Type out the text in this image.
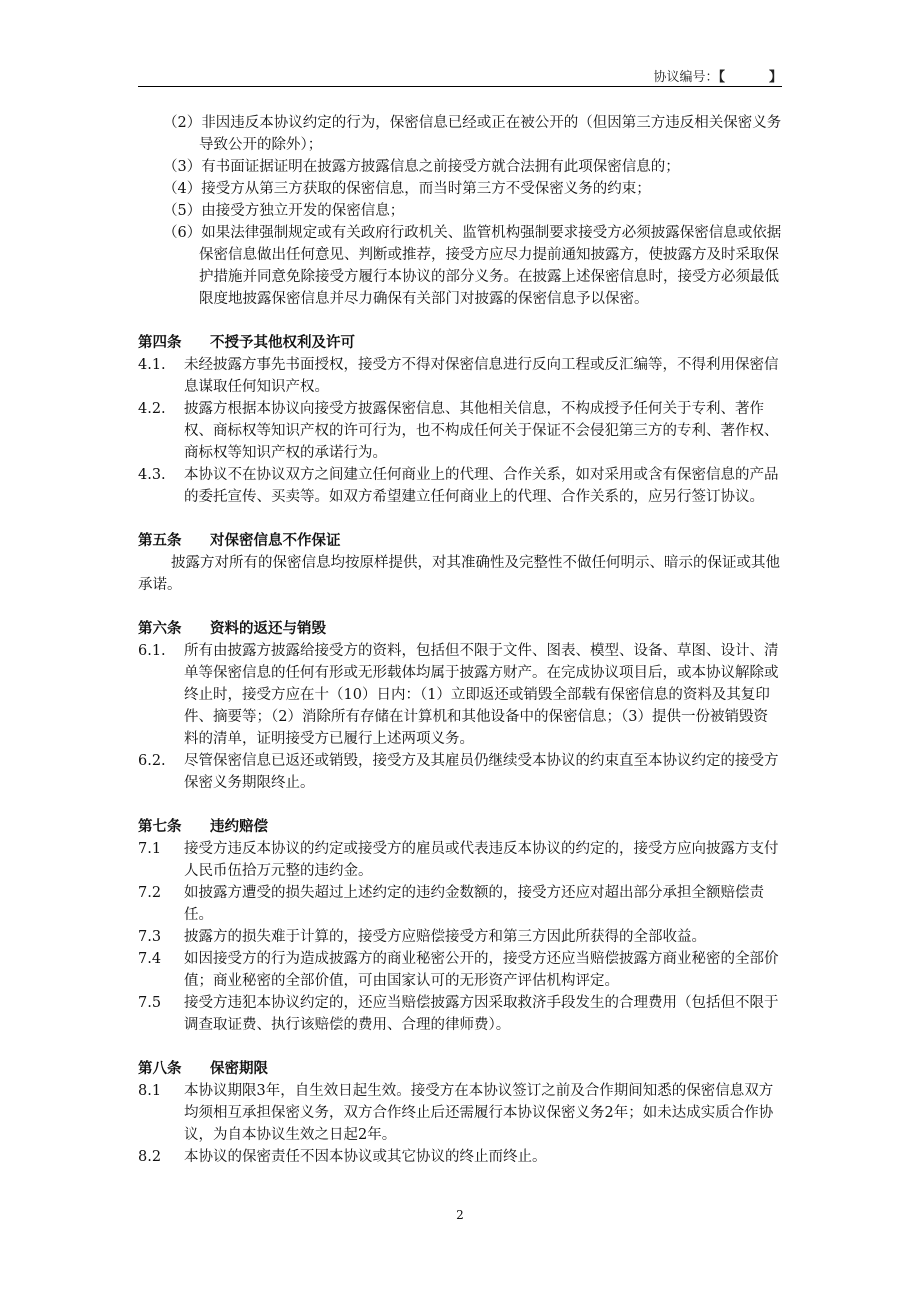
协议编号：【	】

（2）非因违反本协议约定的行为，保密信息已经或正在被公开的（但因第三方违反相关保密义务导致公开的除外）；

（3）有书面证据证明在披露方披露信息之前接受方就合法拥有此项保密信息的；

（4）接受方从第三方获取的保密信息，而当时第三方不受保密义务的约束；

（5）由接受方独立开发的保密信息；

（6）如果法律强制规定或有关政府行政机关、监管机构强制要求接受方必须披露保密信息或依据保密信息做出任何意见、判断或推荐，接受方应尽力提前通知披露方，使披露方及时采取保护措施并同意免除接受方履行本协议的部分义务。在披露上述保密信息时，接受方必须最低限度地披露保密信息并尽力确保有关部门对披露的保密信息予以保密。

第四条 不授予其他权利及许可

4.1.	未经披露方事先书面授权，接受方不得对保密信息进行反向工程或反汇编等，不得利用保密信息谋取任何知识产权。
4.2.	披露方根据本协议向接受方披露保密信息、其他相关信息，不构成授予任何关于专利、著作权、商标权等知识产权的许可行为，也不构成任何关于保证不会侵犯第三方的专利、著作权、商标权等知识产权的承诺行为。
4.3.	本协议不在协议双方之间建立任何商业上的代理、合作关系，如对采用或含有保密信息的产品的委托宣传、买卖等。如双方希望建立任何商业上的代理、合作关系的，应另行签订协议。

第五条 对保密信息不作保证

披露方对所有的保密信息均按原样提供，对其准确性及完整性不做任何明示、暗示的保证或其他承诺。

第六条 资料的返还与销毁

6.1.	所有由披露方披露给接受方的资料，包括但不限于文件、图表、模型、设备、草图、设计、清单等保密信息的任何有形或无形载体均属于披露方财产。在完成协议项目后，或本协议解除或终止时，接受方应在十（10）日内：（1）立即返还或销毁全部载有保密信息的资料及其复印件、摘要等；（2）消除所有存储在计算机和其他设备中的保密信息；（3）提供一份被销毁资料的清单，证明接受方已履行上述两项义务。
6.2.	尽管保密信息已返还或销毁，接受方及其雇员仍继续受本协议的约束直至本协议约定的接受方保密义务期限终止。

第七条 违约赔偿

7.1	接受方违反本协议的约定或接受方的雇员或代表违反本协议的约定的，接受方应向披露方支付人民币伍拾万元整的违约金。
7.2	如披露方遭受的损失超过上述约定的违约金数额的，接受方还应对超出部分承担全额赔偿责任。
7.3	披露方的损失难于计算的，接受方应赔偿接受方和第三方因此所获得的全部收益。
7.4	如因接受方的行为造成披露方的商业秘密公开的，接受方还应当赔偿披露方商业秘密的全部价值；商业秘密的全部价值，可由国家认可的无形资产评估机构评定。
7.5	接受方违犯本协议约定的，还应当赔偿披露方因采取救济手段发生的合理费用（包括但不限于调查取证费、执行该赔偿的费用、合理的律师费）。

第八条 保密期限

8.1	本协议期限3年，自生效日起生效。接受方在本协议签订之前及合作期间知悉的保密信息双方均须相互承担保密义务，双方合作终止后还需履行本协议保密义务2年；如未达成实质合作协议，为自本协议生效之日起2年。
8.2	本协议的保密责任不因本协议或其它协议的终止而终止。
2
